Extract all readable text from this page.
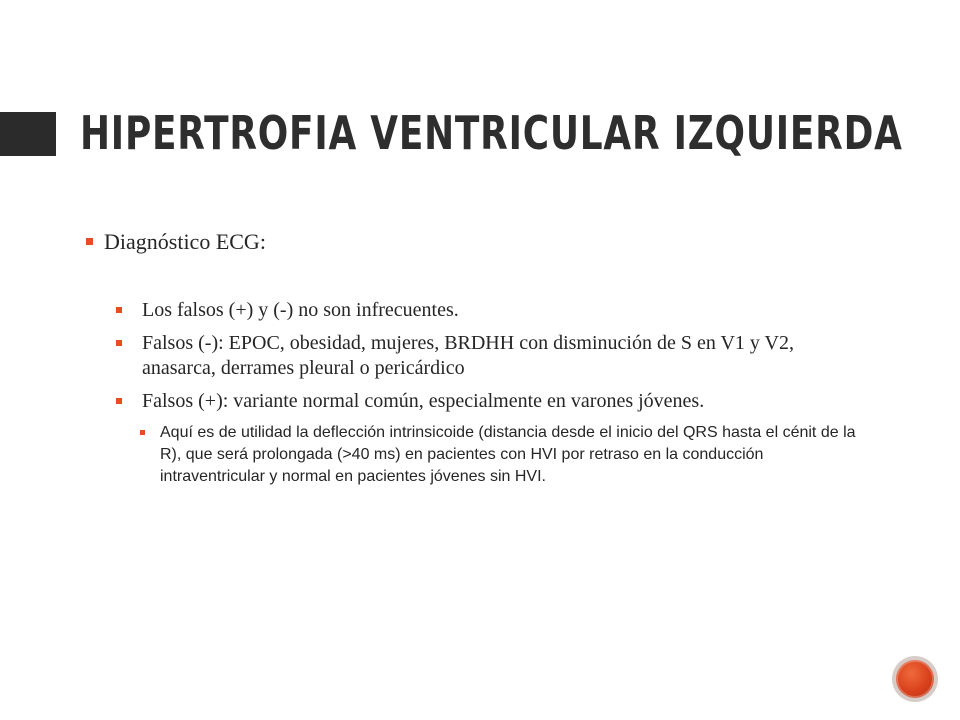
HIPERTROFIA VENTRICULAR IZQUIERDA
Diagnóstico ECG:
Los falsos (+) y (-) no son infrecuentes.
Falsos (-): EPOC, obesidad, mujeres, BRDHH con disminución de S en V1 y V2, anasarca, derrames pleural o pericárdico
Falsos (+): variante normal común, especialmente en varones jóvenes.
Aquí es de utilidad la deflección intrinsicoide (distancia desde el inicio del QRS hasta el cénit de la R), que será prolongada (>40 ms) en pacientes con HVI por retraso en la conducción intraventricular y normal en pacientes jóvenes sin HVI.
